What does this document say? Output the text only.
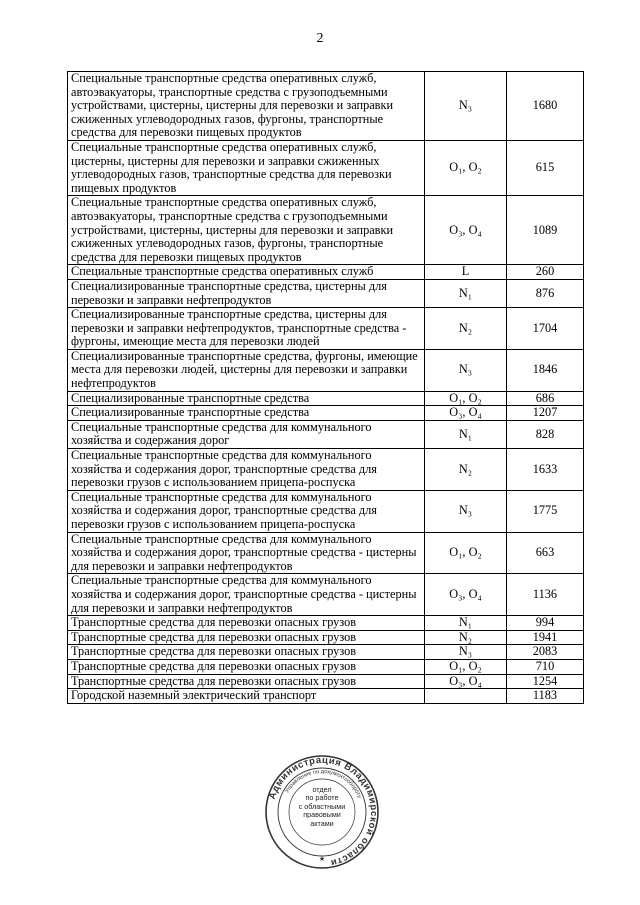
2
Специальные транспортные средства оперативных служб, автоэвакуаторы, транспортные средства с грузоподъемными устройствами, цистерны, цистерны для перевозки и заправки сжиженных углеводородных газов, фургоны, транспортные средства для перевозки пищевых продуктов	N₃	1680
Специальные транспортные средства оперативных служб, цистерны, цистерны для перевозки и заправки сжиженных углеводородных газов, транспортные средства для перевозки пищевых продуктов	O₁, O₂	615
Специальные транспортные средства оперативных служб, автоэвакуаторы, транспортные средства с грузоподъемными устройствами, цистерны, цистерны для перевозки и заправки сжиженных углеводородных газов, фургоны, транспортные средства для перевозки пищевых продуктов	O₃, O₄	1089
Специальные транспортные средства оперативных служб	L	260
Специализированные транспортные средства, цистерны для перевозки и заправки нефтепродуктов	N₁	876
Специализированные транспортные средства, цистерны для перевозки и заправки нефтепродуктов, транспортные средства - фургоны, имеющие места для перевозки людей	N₂	1704
Специализированные транспортные средства, фургоны, имеющие места для перевозки людей, цистерны для перевозки и заправки нефтепродуктов	N₃	1846
Специализированные транспортные средства	O₁, O₂	686
Специализированные транспортные средства	O₃, O₄	1207
Специальные транспортные средства для коммунального хозяйства и содержания дорог	N₁	828
Специальные транспортные средства для коммунального хозяйства и содержания дорог, транспортные средства для перевозки грузов с использованием прицепа-роспуска	N₂	1633
Специальные транспортные средства для коммунального хозяйства и содержания дорог, транспортные средства для перевозки грузов с использованием прицепа-роспуска	N₃	1775
Специальные транспортные средства для коммунального хозяйства и содержания дорог, транспортные средства - цистерны для перевозки и заправки нефтепродуктов	O₁, O₂	663
Специальные транспортные средства для коммунального хозяйства и содержания дорог, транспортные средства - цистерны для перевозки и заправки нефтепродуктов	O₃, O₄	1136
Транспортные средства для перевозки опасных грузов	N₁	994
Транспортные средства для перевозки опасных грузов	N₂	1941
Транспортные средства для перевозки опасных грузов	N₃	2083
Транспортные средства для перевозки опасных грузов	O₁, O₂	710
Транспортные средства для перевозки опасных грузов	O₃, O₄	1254
Городской наземный электрический транспорт		1183
Администрация Владимирской области
Управление по документообороту
★
отдел
по работе
с областными
правовыми
актами
